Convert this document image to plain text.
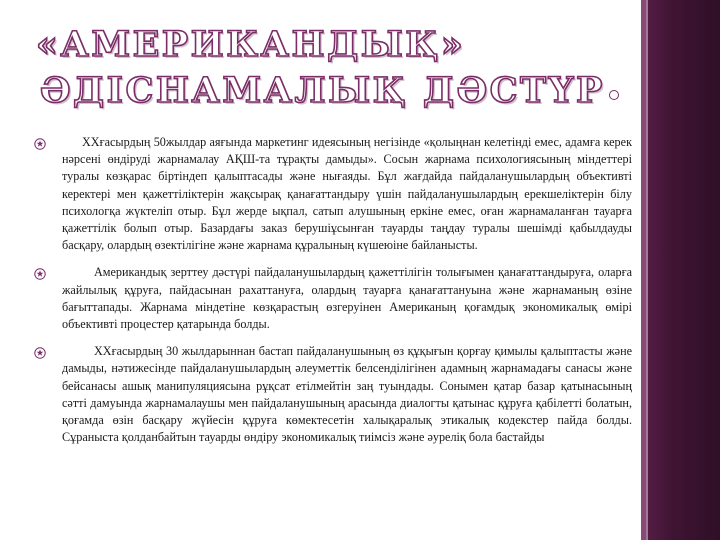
«АМЕРИКАНДЫҚ»
ӘДІСНАМАЛЫҚ ДӘСТҮР

XXғасырдың 50жылдар аяғында маркетинг идеясының негізінде «қолыңнан келетінді емес, адамға керек нәрсені өндіруді жарнамалау АҚШ-та тұрақты дамыды». Сосын жарнама психологиясының міндеттері туралы көзқарас біртіндеп қалыптасады және нығаяды. Бұл жағдайда пайдаланушылардың объективті керектері мен қажеттіліктерін жақсырақ қанағаттандыру үшін пайдаланушылардың ерекшеліктерін білу психологқа жүктеліп отыр. Бұл жерде ықпал, сатып алушының еркіне емес, оған жарнамаланған тауарға қажеттілік болып отыр. Базардағы заказ берушіұсынған тауарды таңдау туралы шешімді қабылдауды басқару, олардың өзектілігіне және жарнама құралының күшеюіне байланысты.

Американдық зерттеу дәстүрі пайдаланушылардың қажеттілігін толығымен қанағаттандыруға, оларға жайлылық құруға, пайдасынан рахаттануға, олардың тауарға қанағаттануына және жарнаманың өзіне бағыттапады. Жарнама міндетіне көзқарастың өзгеруінен Американың қоғамдық экономикалық өмірі объективті процестер қатарында болды.

XXғасырдың 30 жылдарыннан бастап пайдаланушының өз құқығын қорғау қимылы қалыптасты және дамыды, нәтижесінде пайдаланушылардың әлеуметтік белсенділігінен адамның жарнамадағы санасы және бейсанасы ашық манипуляциясына рұқсат етілмейтін заң туындады. Сонымен қатар базар қатынасының сәтті дамуында жарнамалаушы мен пайдаланушының арасында диалогты қатынас құруға қабілетті болатын, қоғамда өзін басқару жүйесін құруға көмектесетін халықаралық этикалық кодекстер пайда болды. Сұраныста қолданбайтын тауарды өндіру экономикалық тиімсіз және әуреліқ бола бастайды
